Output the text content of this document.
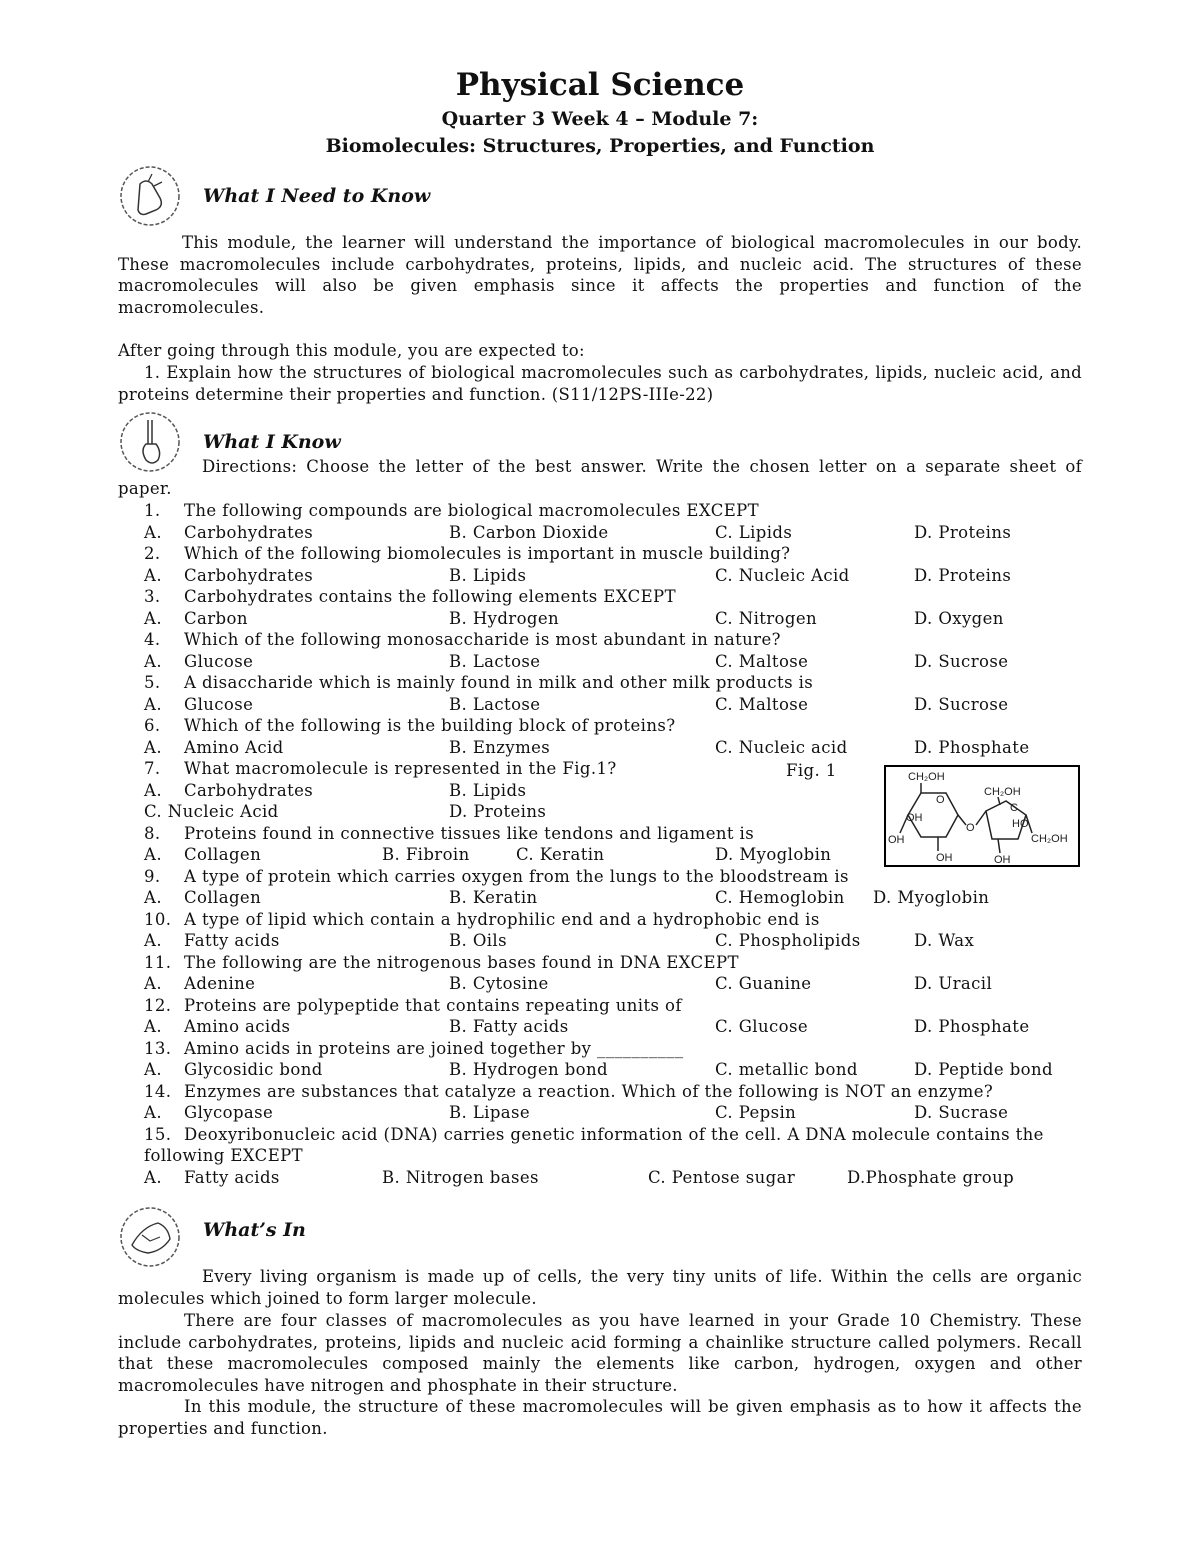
Physical Science
Quarter 3 Week 4 – Module 7:
Biomolecules: Structures, Properties, and Function
What I Need to Know
This module, the learner will understand the importance of biological macromolecules in our body. These macromolecules include carbohydrates, proteins, lipids, and nucleic acid. The structures of these macromolecules will also be given emphasis since it affects the properties and function of the macromolecules.
After going through this module, you are expected to:
1. Explain how the structures of biological macromolecules such as carbohydrates, lipids, nucleic acid, and proteins determine their properties and function. (S11/12PS-IIIe-22)
What I Know
Directions: Choose the letter of the best answer. Write the chosen letter on a separate sheet of paper.
1. The following compounds are biological macromolecules EXCEPT
A. Carbohydrates	B. Carbon Dioxide	C. Lipids	D. Proteins
2. Which of the following biomolecules is important in muscle building?
A. Carbohydrates	B. Lipids	C. Nucleic Acid	D. Proteins
3. Carbohydrates contains the following elements EXCEPT
A. Carbon	B. Hydrogen	C. Nitrogen	D. Oxygen
4. Which of the following monosaccharide is most abundant in nature?
A. Glucose	B. Lactose	C. Maltose	D. Sucrose
5. A disaccharide which is mainly found in milk and other milk products is
A. Glucose	B. Lactose	C. Maltose	D. Sucrose
6. Which of the following is the building block of proteins?
A. Amino Acid	B. Enzymes	C. Nucleic acid	D. Phosphate
7. What macromolecule is represented in the Fig.1?
A. Carbohydrates	B. Lipids
C. Nucleic Acid	D. Proteins
8. Proteins found in connective tissues like tendons and ligament is
A. Collagen	B. Fibroin	C. Keratin	D. Myoglobin
9. A type of protein which carries oxygen from the lungs to the bloodstream is
A. Collagen	B. Keratin	C. Hemoglobin D. Myoglobin
10. A type of lipid which contain a hydrophilic end and a hydrophobic end is
A. Fatty acids	B. Oils	C. Phospholipids	D. Wax
11. The following are the nitrogenous bases found in DNA EXCEPT
A. Adenine	B. Cytosine	C. Guanine	D. Uracil
12. Proteins are polypeptide that contains repeating units of
A. Amino acids	B. Fatty acids	C. Glucose	D. Phosphate
13. Amino acids in proteins are joined together by __________
A. Glycosidic bond	B. Hydrogen bond	C. metallic bond	D. Peptide bond
14. Enzymes are substances that catalyze a reaction. Which of the following is NOT an enzyme?
A. Glycopase	B. Lipase	C. Pepsin	D. Sucrase
15. Deoxyribonucleic acid (DNA) carries genetic information of the cell. A DNA molecule contains the
following EXCEPT
A. Fatty acids	B. Nitrogen bases	C. Pentose sugar	D.Phosphate group
Fig. 1	CH₂OH
CH₂OH
O
C
OH
O	HO
OH	CH₂OH
OH	OH
What’s In
Every living organism is made up of cells, the very tiny units of life. Within the cells are organic molecules which joined to form larger molecule.
There are four classes of macromolecules as you have learned in your Grade 10 Chemistry. These include carbohydrates, proteins, lipids and nucleic acid forming a chainlike structure called polymers. Recall that these macromolecules composed mainly the elements like carbon, hydrogen, oxygen and other macromolecules have nitrogen and phosphate in their structure.
In this module, the structure of these macromolecules will be given emphasis as to how it affects the properties and function.
